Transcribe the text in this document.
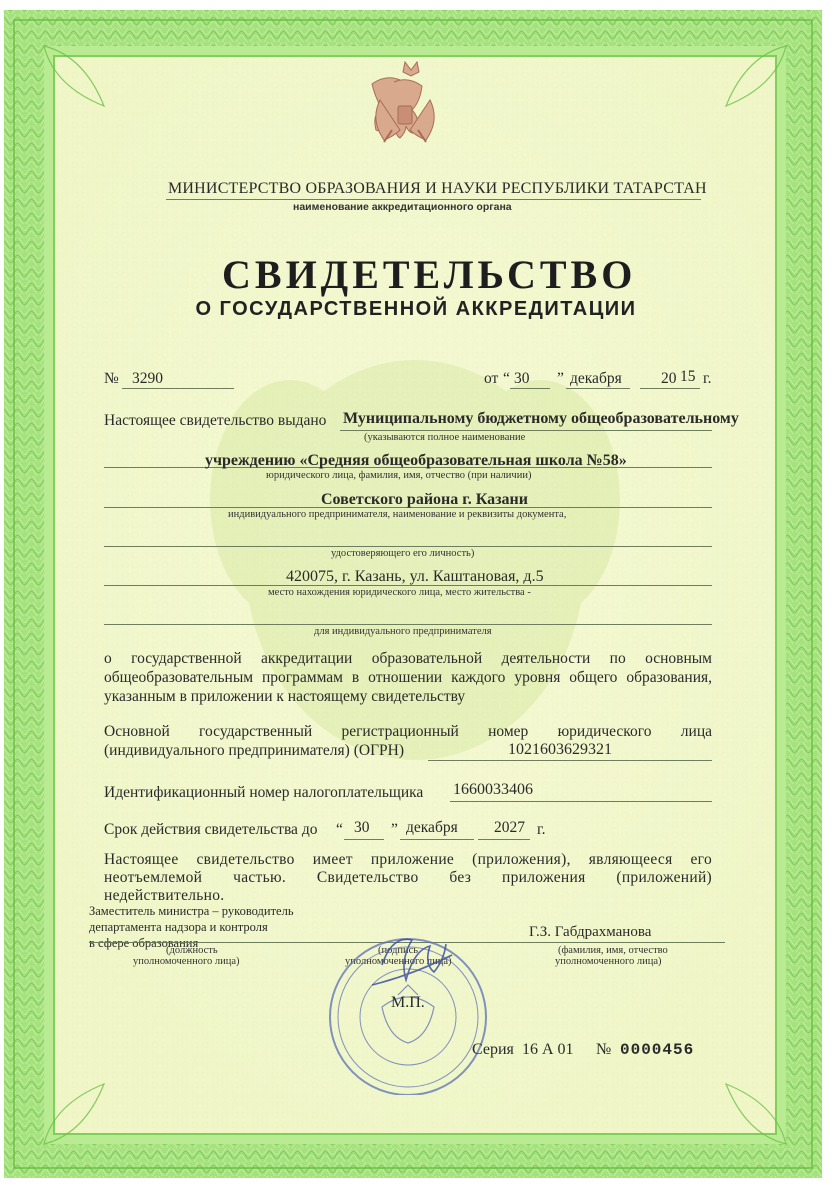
МИНИСТЕРСТВО ОБРАЗОВАНИЯ И НАУКИ РЕСПУБЛИКИ ТАТАРСТАН
наименование аккредитационного органа
СВИДЕТЕЛЬСТВО
О ГОСУДАРСТВЕННОЙ АККРЕДИТАЦИИ
№ 3290	от “ 30 ” декабря	20 15 г.
Настоящее свидетельство выдано Муниципальному бюджетному общеобразовательному
(указываются полное наименование
учреждению «Средняя общеобразовательная школа №58»
юридического лица, фамилия, имя, отчество (при наличии)
Советского района г. Казани
индивидуального предпринимателя, наименование и реквизиты документа,
удостоверяющего его личность)
420075, г. Казань, ул. Каштановая, д.5
место нахождения юридического лица, место жительства -
для индивидуального предпринимателя
о государственной аккредитации образовательной деятельности по основным
общеобразовательным программам в отношении каждого уровня общего образования,
указанным в приложении к настоящему свидетельству
Основной государственный регистрационный номер юридического лица
(индивидуального предпринимателя) (ОГРН)	1021603629321
Идентификационный номер налогоплательщика 1660033406
Срок действия свидетельства до “ 30 ” декабря 2027 г.
Настоящее свидетельство имеет приложение (приложения), являющееся его
неотъемлемой частью. Свидетельство без приложения (приложений)
недействительно.
Заместитель министра – руководитель
департамента надзора и контроля
в сфере образования
(должность
уполномоченного лица)
(подпись
уполномоченного лица)
Г.З. Габдрахманова
(фамилия, имя, отчество
уполномоченного лица)
М.П.
Серия 16 А 01 № 0000456
